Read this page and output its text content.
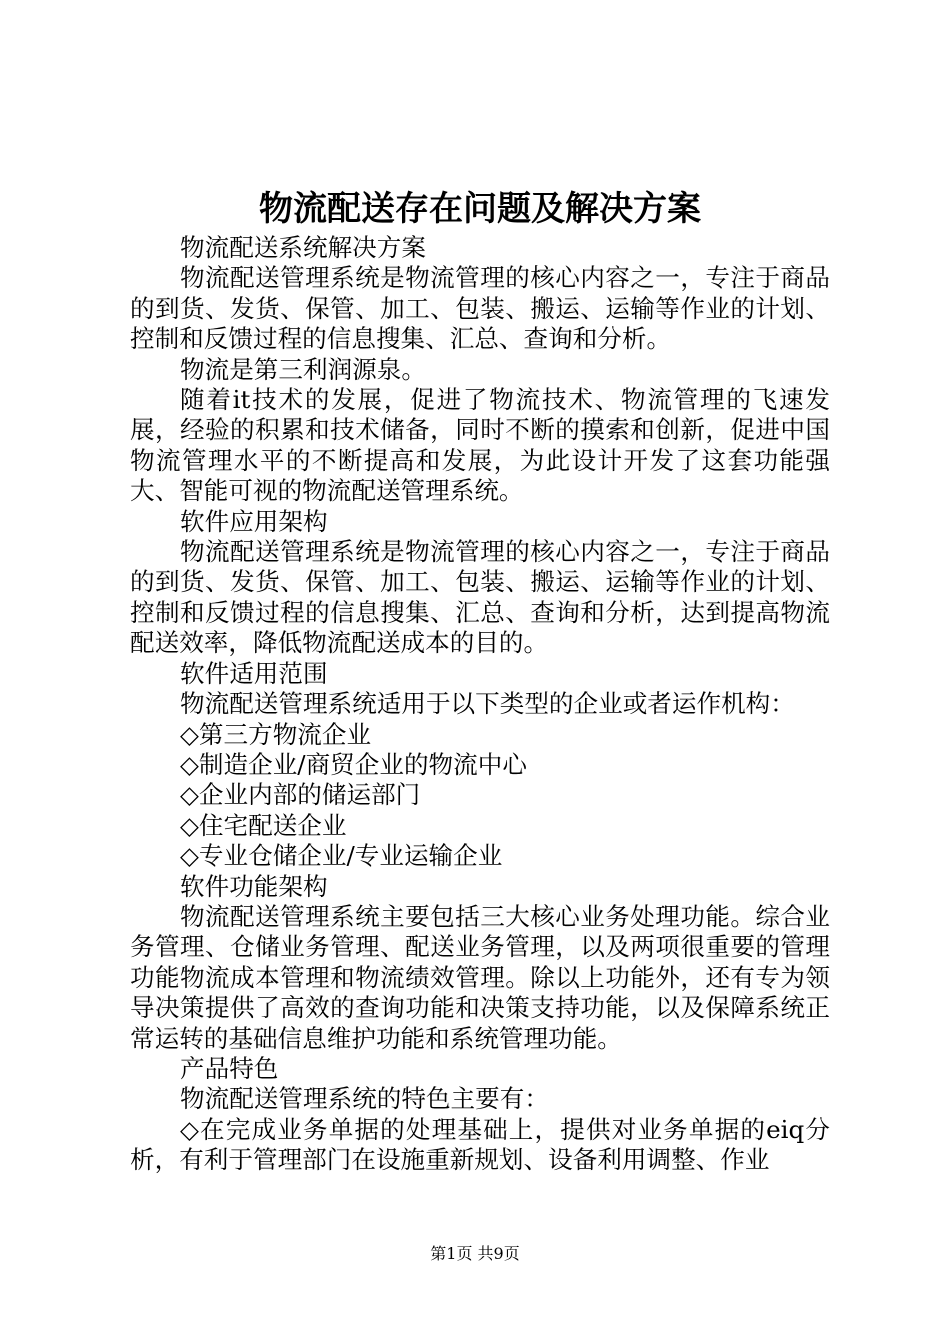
物流配送存在问题及解决方案

物流配送系统解决方案

物流配送管理系统是物流管理的核心内容之一，专注于商品的到货、发货、保管、加工、包装、搬运、运输等作业的计划、控制和反馈过程的信息搜集、汇总、查询和分析。

物流是第三利润源泉。

随着it技术的发展，促进了物流技术、物流管理的飞速发展，经验的积累和技术储备，同时不断的摸索和创新，促进中国物流管理水平的不断提高和发展，为此设计开发了这套功能强大、智能可视的物流配送管理系统。

软件应用架构

物流配送管理系统是物流管理的核心内容之一，专注于商品的到货、发货、保管、加工、包装、搬运、运输等作业的计划、控制和反馈过程的信息搜集、汇总、查询和分析，达到提高物流配送效率，降低物流配送成本的目的。

软件适用范围

物流配送管理系统适用于以下类型的企业或者运作机构：

◇第三方物流企业

◇制造企业/商贸企业的物流中心

◇企业内部的储运部门

◇住宅配送企业

◇专业仓储企业/专业运输企业

软件功能架构

物流配送管理系统主要包括三大核心业务处理功能。综合业务管理、仓储业务管理、配送业务管理，以及两项很重要的管理功能物流成本管理和物流绩效管理。除以上功能外，还有专为领导决策提供了高效的查询功能和决策支持功能，以及保障系统正常运转的基础信息维护功能和系统管理功能。

产品特色

物流配送管理系统的特色主要有：

◇在完成业务单据的处理基础上，提供对业务单据的eiq分析，有利于管理部门在设施重新规划、设备利用调整、作业

第1页 共9页
